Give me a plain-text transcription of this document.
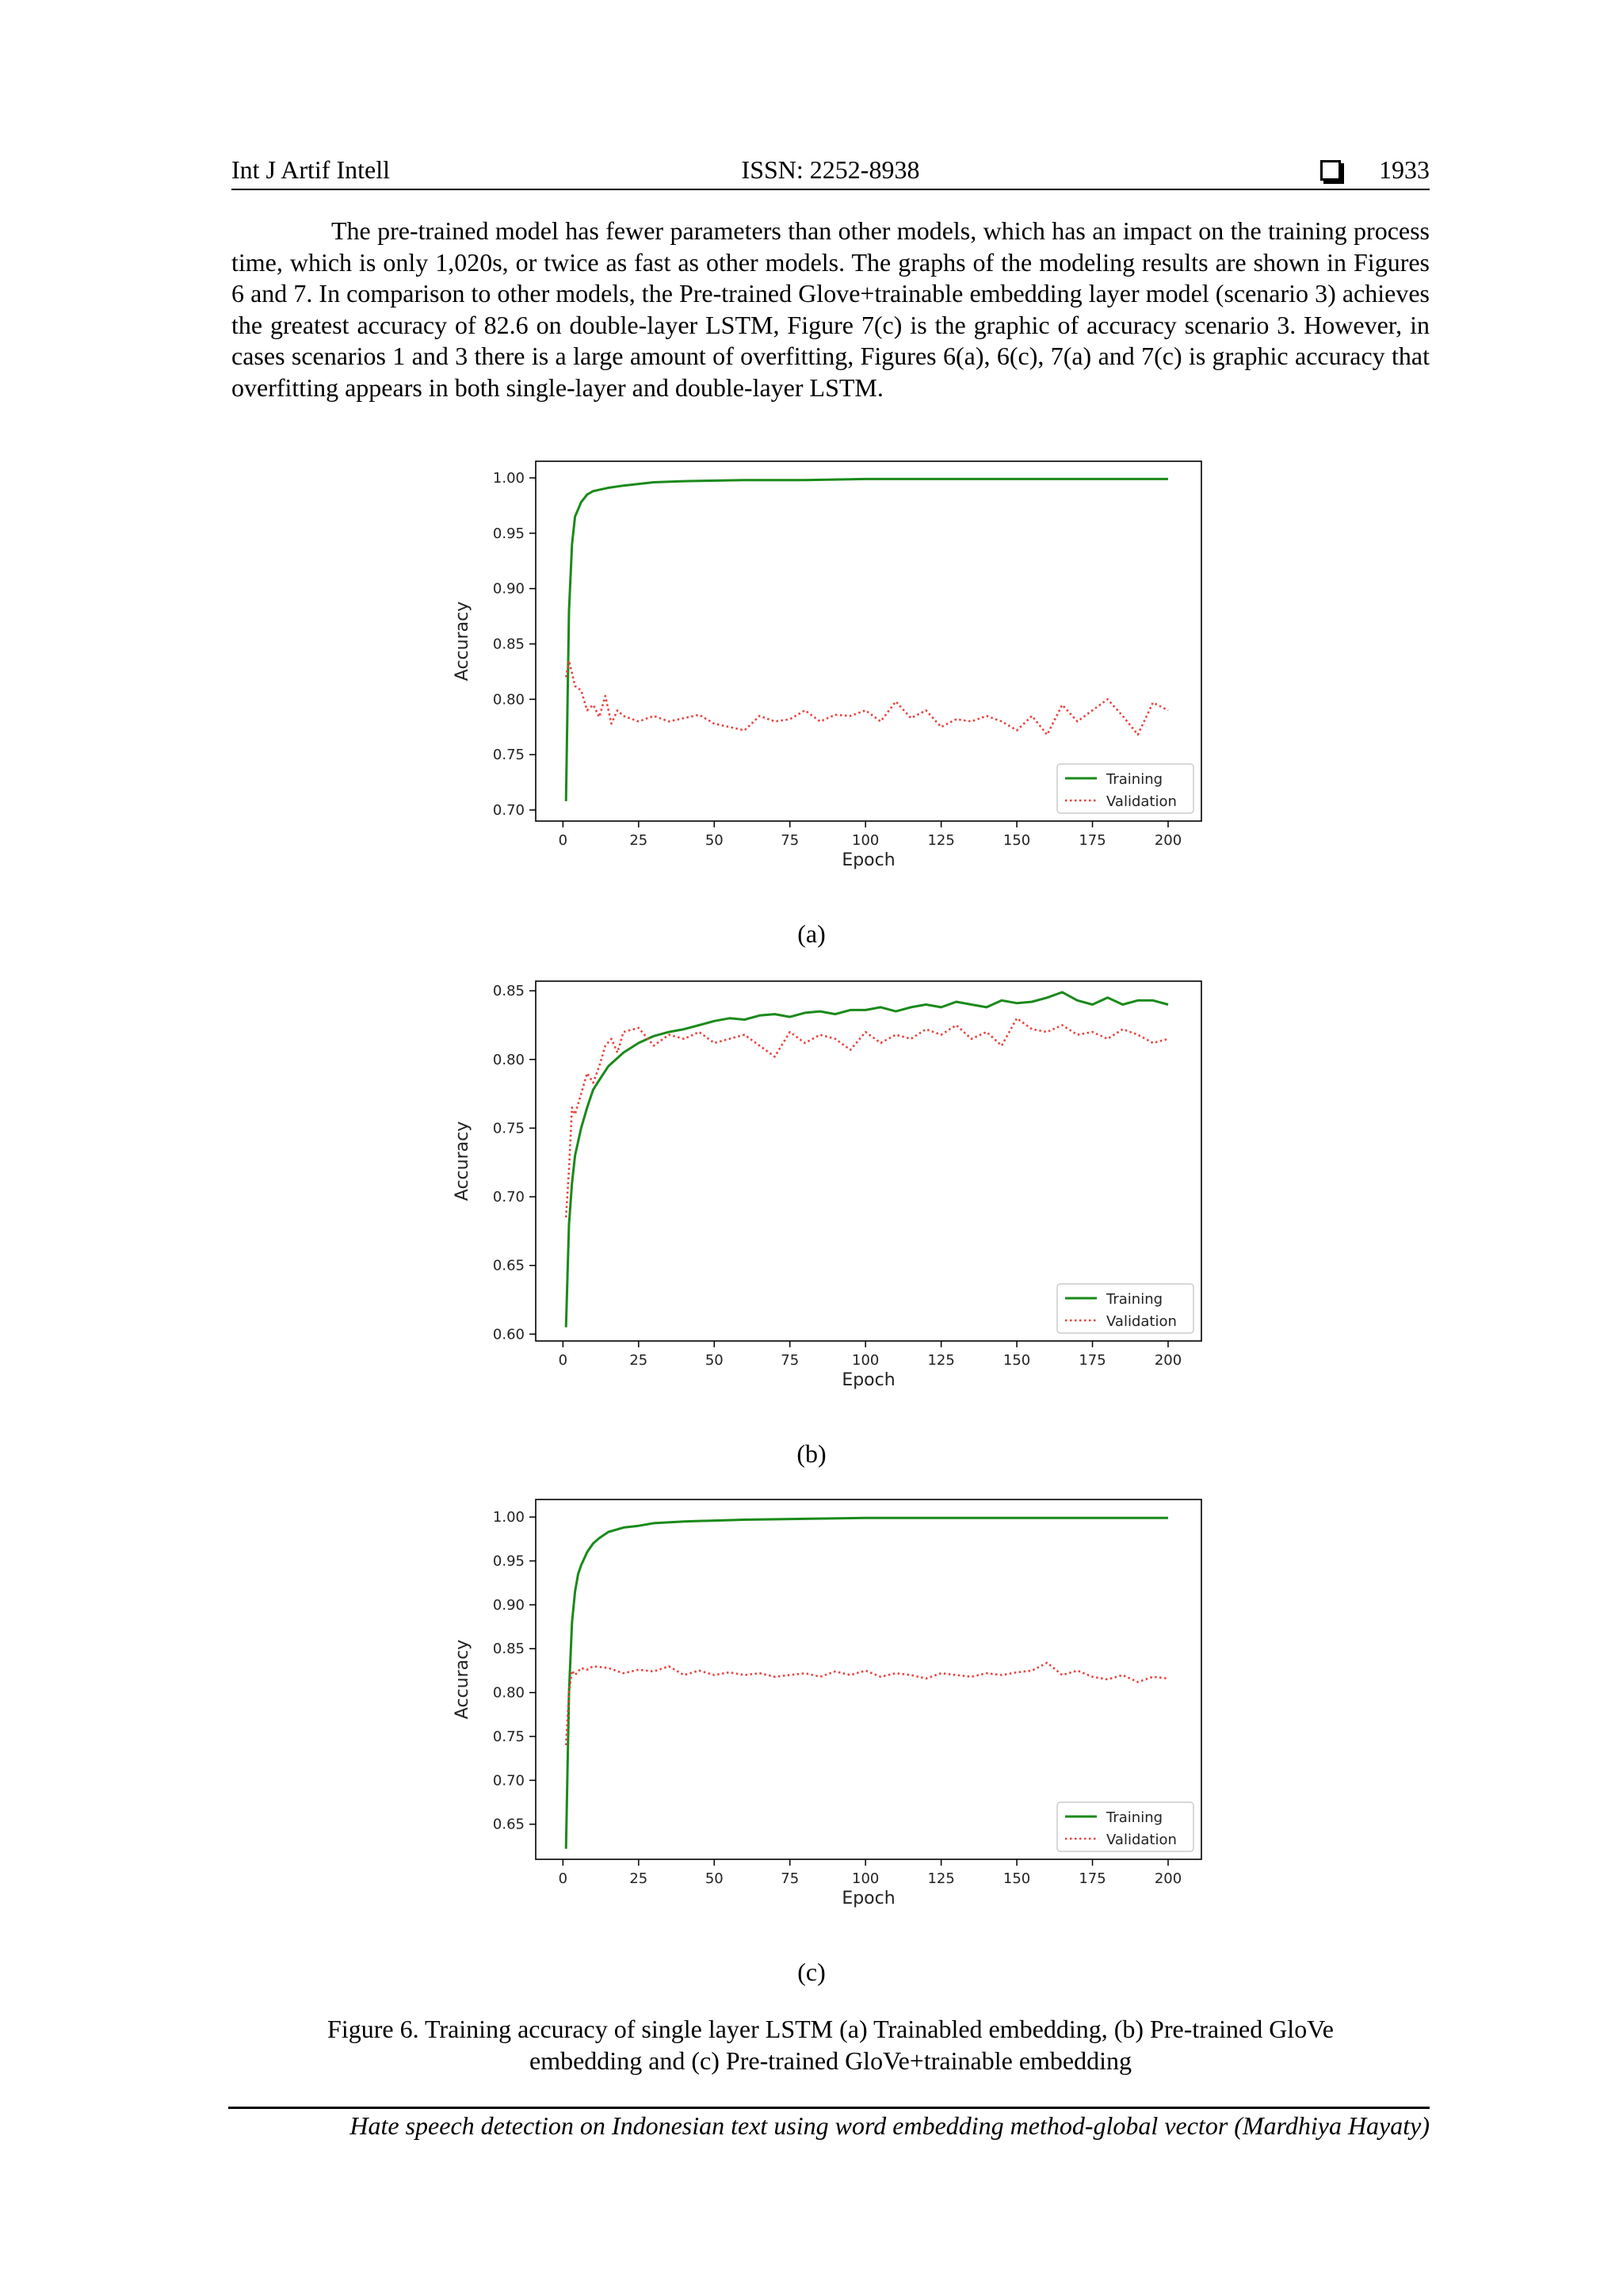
Int J Artif Intell	ISSN: 2252-8938	1933

The pre-trained model has fewer parameters than other models, which has an impact on the training process time, which is only 1,020s, or twice as fast as other models. The graphs of the modeling results are shown in Figures 6 and 7. In comparison to other models, the Pre-trained Glove+trainable embedding layer model (scenario 3) achieves the greatest accuracy of 82.6 on double-layer LSTM, Figure 7(c) is the graphic of accuracy scenario 3. However, in cases scenarios 1 and 3 there is a large amount of overfitting, Figures 6(a), 6(c), 7(a) and 7(c) is graphic accuracy that overfitting appears in both single-layer and double-layer LSTM.

0	25	50	75	100	125	150	175	200
0.70
0.75
0.80
0.85
0.90
0.95
1.00
Epoch
Accuracy
Training
Validation
(a)
0	25	50	75	100	125	150	175	200
0.60
0.65
0.70
0.75
0.80
0.85
Epoch
Accuracy
Training
Validation
(b)
0	25	50	75	100	125	150	175	200
0.65
0.70
0.75
0.80
0.85
0.90
0.95
1.00
Epoch
Accuracy
Training
Validation
(c)
Figure 6. Training accuracy of single layer LSTM (a) Trainabled embedding, (b) Pre-trained GloVe
embedding and (c) Pre-trained GloVe+trainable embedding
Hate speech detection on Indonesian text using word embedding method-global vector (Mardhiya Hayaty)
